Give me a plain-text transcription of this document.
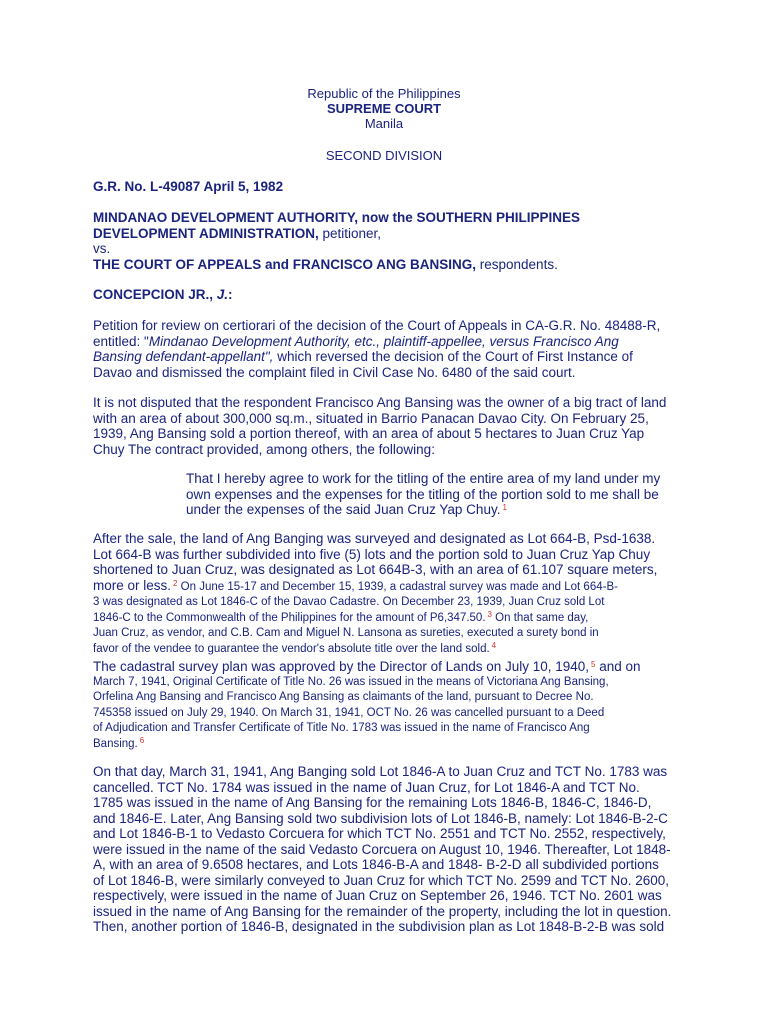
Republic of the Philippines
SUPREME COURT
Manila
SECOND DIVISION
G.R. No. L-49087 April 5, 1982
MINDANAO DEVELOPMENT AUTHORITY, now the SOUTHERN PHILIPPINES
DEVELOPMENT ADMINISTRATION, petitioner,
vs.
THE COURT OF APPEALS and FRANCISCO ANG BANSING, respondents.
CONCEPCION JR., J.:
Petition for review on certiorari of the decision of the Court of Appeals in CA-G.R. No. 48488-R,
entitled: "Mindanao Development Authority, etc., plaintiff-appellee, versus Francisco Ang
Bansing defendant-appellant", which reversed the decision of the Court of First Instance of
Davao and dismissed the complaint filed in Civil Case No. 6480 of the said court.
It is not disputed that the respondent Francisco Ang Bansing was the owner of a big tract of land
with an area of about 300,000 sq.m., situated in Barrio Panacan Davao City. On February 25,
1939, Ang Bansing sold a portion thereof, with an area of about 5 hectares to Juan Cruz Yap
Chuy The contract provided, among others, the following:
That I hereby agree to work for the titling of the entire area of my land under my
own expenses and the expenses for the titling of the portion sold to me shall be
under the expenses of the said Juan Cruz Yap Chuy. $^1$
After the sale, the land of Ang Banging was surveyed and designated as Lot 664-B, Psd-1638.
Lot 664-B was further subdivided into five (5) lots and the portion sold to Juan Cruz Yap Chuy
shortened to Juan Cruz, was designated as Lot 664B-3, with an area of 61.107 square meters,
more or less. $^2$ On June 15-17 and December 15, 1939, a cadastral survey was made and Lot 664-B-
3 was designated as Lot 1846-C of the Davao Cadastre. On December 23, 1939, Juan Cruz sold Lot
1846-C to the Commonwealth of the Philippines for the amount of P6,347.50. $^3$ On that same day,
Juan Cruz, as vendor, and C.B. Cam and Miguel N. Lansona as sureties, executed a surety bond in
favor of the vendee to guarantee the vendor's absolute title over the land sold. $^4$
The cadastral survey plan was approved by the Director of Lands on July 10, 1940, $^5$ and on
March 7, 1941, Original Certificate of Title No. 26 was issued in the means of Victoriana Ang Bansing,
Orfelina Ang Bansing and Francisco Ang Bansing as claimants of the land, pursuant to Decree No.
745358 issued on July 29, 1940. On March 31, 1941, OCT No. 26 was cancelled pursuant to a Deed
of Adjudication and Transfer Certificate of Title No. 1783 was issued in the name of Francisco Ang
Bansing. $^6$
On that day, March 31, 1941, Ang Banging sold Lot 1846-A to Juan Cruz and TCT No. 1783 was
cancelled. TCT No. 1784 was issued in the name of Juan Cruz, for Lot 1846-A and TCT No.
1785 was issued in the name of Ang Bansing for the remaining Lots 1846-B, 1846-C, 1846-D,
and 1846-E. Later, Ang Bansing sold two subdivision lots of Lot 1846-B, namely: Lot 1846-B-2-C
and Lot 1846-B-1 to Vedasto Corcuera for which TCT No. 2551 and TCT No. 2552, respectively,
were issued in the name of the said Vedasto Corcuera on August 10, 1946. Thereafter, Lot 1848-
A, with an area of 9.6508 hectares, and Lots 1846-B-A and 1848- B-2-D all subdivided portions
of Lot 1846-B, were similarly conveyed to Juan Cruz for which TCT No. 2599 and TCT No. 2600,
respectively, were issued in the name of Juan Cruz on September 26, 1946. TCT No. 2601 was
issued in the name of Ang Bansing for the remainder of the property, including the lot in question.
Then, another portion of 1846-B, designated in the subdivision plan as Lot 1848-B-2-B was sold
